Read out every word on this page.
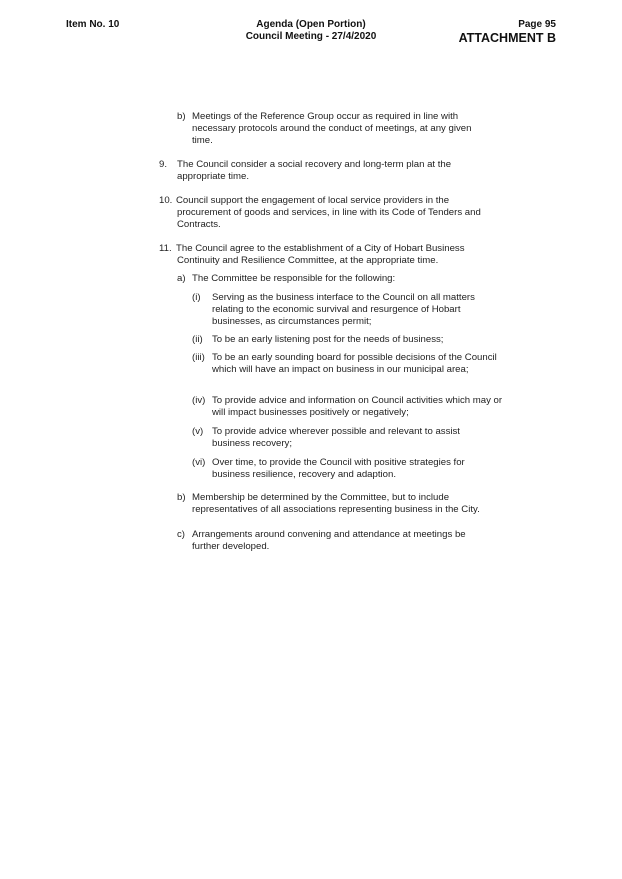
Item No. 10	Agenda (Open Portion)
Council Meeting - 27/4/2020
Page 95
ATTACHMENT B
b) Meetings of the Reference Group occur as required in line with necessary protocols around the conduct of meetings, at any given time.
9. The Council consider a social recovery and long-term plan at the appropriate time.
10. Council support the engagement of local service providers in the
procurement of goods and services, in line with its Code of Tenders and Contracts.
11. The Council agree to the establishment of a City of Hobart Business
Continuity and Resilience Committee, at the appropriate time.
a) The Committee be responsible for the following:
(i) Serving as the business interface to the Council on all matters relating to the economic survival and resurgence of Hobart businesses, as circumstances permit;
(ii) To be an early listening post for the needs of business;
(iii) To be an early sounding board for possible decisions of the Council which will have an impact on business in our municipal area;
(iv) To provide advice and information on Council activities which may or will impact businesses positively or negatively;
(v) To provide advice wherever possible and relevant to assist business recovery;
(vi) Over time, to provide the Council with positive strategies for business resilience, recovery and adaption.
b) Membership be determined by the Committee, but to include representatives of all associations representing business in the City.
c) Arrangements around convening and attendance at meetings be further developed.
